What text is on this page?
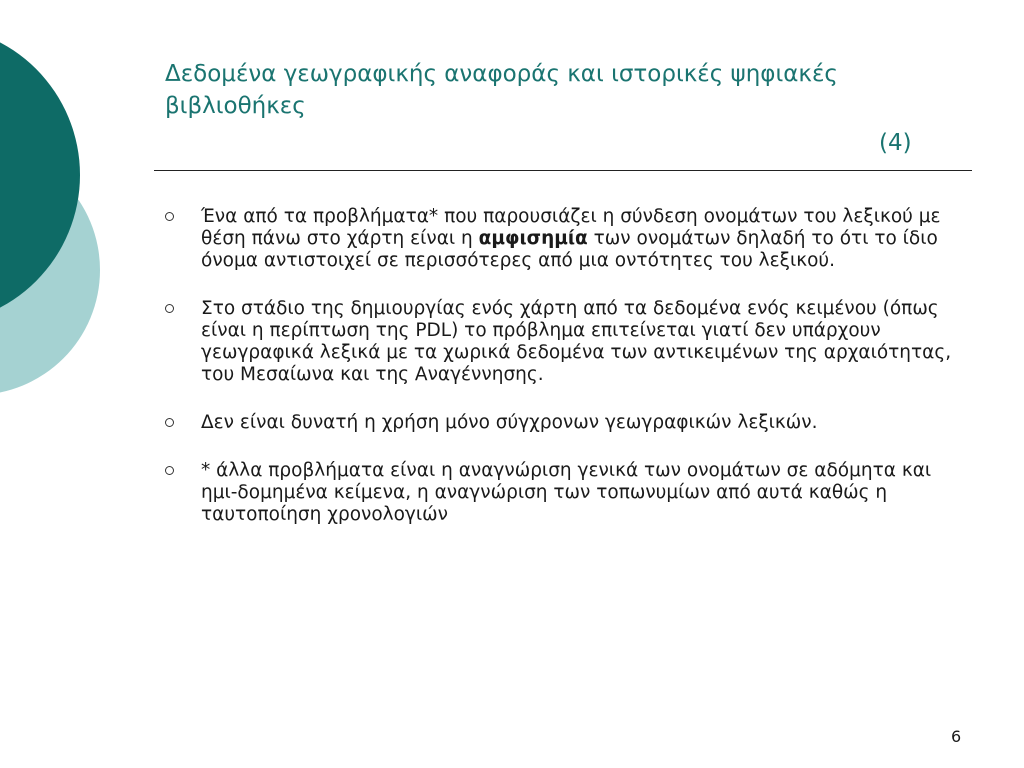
Δεδομένα γεωγραφικής αναφοράς και ιστορικές ψηφιακές βιβλιοθήκες
(4)
Ένα από τα προβλήματα* που παρουσιάζει η σύνδεση ονομάτων του λεξικού με θέση πάνω στο χάρτη είναι η αμφισημία των ονομάτων δηλαδή το ότι το ίδιο όνομα αντιστοιχεί σε περισσότερες από μια οντότητες του λεξικού.
Στο στάδιο της δημιουργίας ενός χάρτη από τα δεδομένα ενός κειμένου (όπως είναι η περίπτωση της PDL) το πρόβλημα επιτείνεται γιατί δεν υπάρχουν γεωγραφικά λεξικά με τα χωρικά δεδομένα των αντικειμένων της αρχαιότητας, του Μεσαίωνα και της Αναγέννησης.
Δεν είναι δυνατή η χρήση μόνο σύγχρονων γεωγραφικών λεξικών.
* άλλα προβλήματα είναι η αναγνώριση γενικά των ονομάτων σε αδόμητα και ημι-δομημένα κείμενα, η αναγνώριση των τοπωνυμίων από αυτά καθώς η ταυτοποίηση χρονολογιών
6
